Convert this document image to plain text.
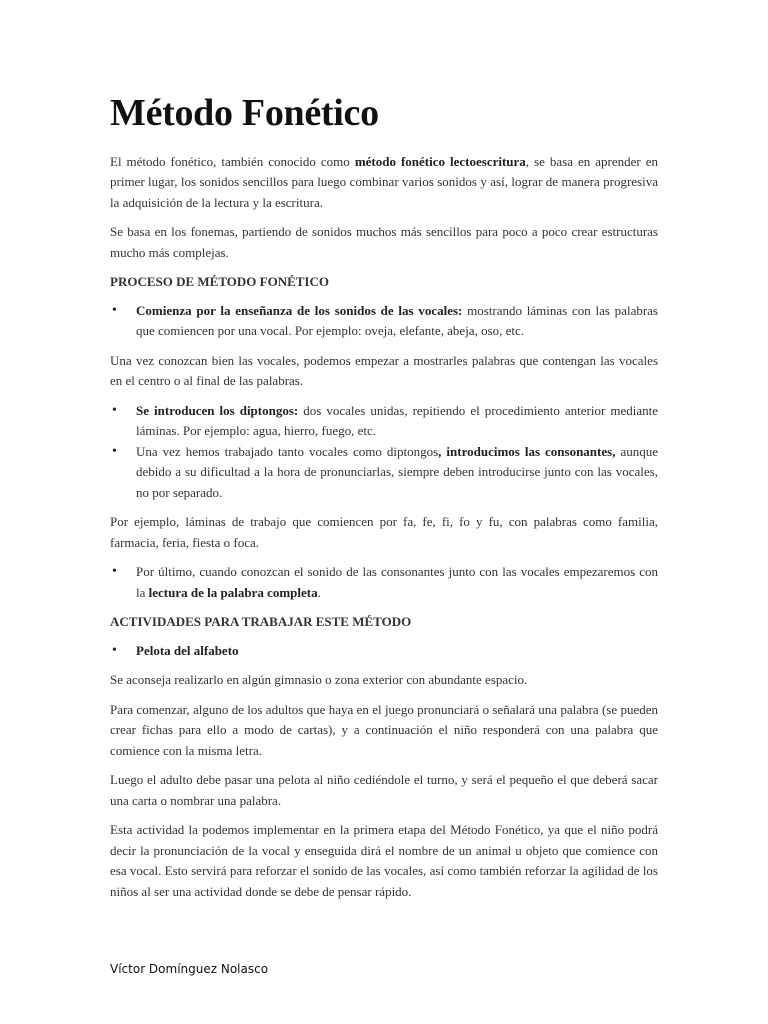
Método Fonético

El método fonético, también conocido como método fonético lectoescritura, se basa en aprender en primer lugar, los sonidos sencillos para luego combinar varios sonidos y así, lograr de manera progresiva la adquisición de la lectura y la escritura.

Se basa en los fonemas, partiendo de sonidos muchos más sencillos para poco a poco crear estructuras mucho más complejas.

PROCESO DE MÉTODO FONÉTICO
• Comienza por la enseñanza de los sonidos de las vocales: mostrando láminas con las palabras que comiencen por una vocal. Por ejemplo: oveja, elefante, abeja, oso, etc.

Una vez conozcan bien las vocales, podemos empezar a mostrarles palabras que contengan las vocales en el centro o al final de las palabras.

• Se introducen los diptongos: dos vocales unidas, repitiendo el procedimiento anterior mediante láminas. Por ejemplo: agua, hierro, fuego, etc.
• Una vez hemos trabajado tanto vocales como diptongos, introducimos las consonantes, aunque debido a su dificultad a la hora de pronunciarlas, siempre deben introducirse junto con las vocales, no por separado.

Por ejemplo, láminas de trabajo que comiencen por fa, fe, fi, fo y fu, con palabras como familia, farmacia, feria, fiesta o foca.

• Por último, cuando conozcan el sonido de las consonantes junto con las vocales empezaremos con la lectura de la palabra completa.
ACTIVIDADES PARA TRABAJAR ESTE MÉTODO
• Pelota del alfabeto

Se aconseja realizarlo en algún gimnasio o zona exterior con abundante espacio.

Para comenzar, alguno de los adultos que haya en el juego pronunciará o señalará una palabra (se pueden crear fichas para ello a modo de cartas), y a continuación el niño responderá con una palabra que comience con la misma letra.

Luego el adulto debe pasar una pelota al niño cediéndole el turno, y será el pequeño el que deberá sacar una carta o nombrar una palabra.

Esta actividad la podemos implementar en la primera etapa del Método Fonético, ya que el niño podrá decir la pronunciación de la vocal y enseguida dirá el nombre de un animal u objeto que comience con esa vocal. Esto servirá para reforzar el sonido de las vocales, así como también reforzar la agilidad de los niños al ser una actividad donde se debe de pensar rápido.

Víctor Domínguez Nolasco
